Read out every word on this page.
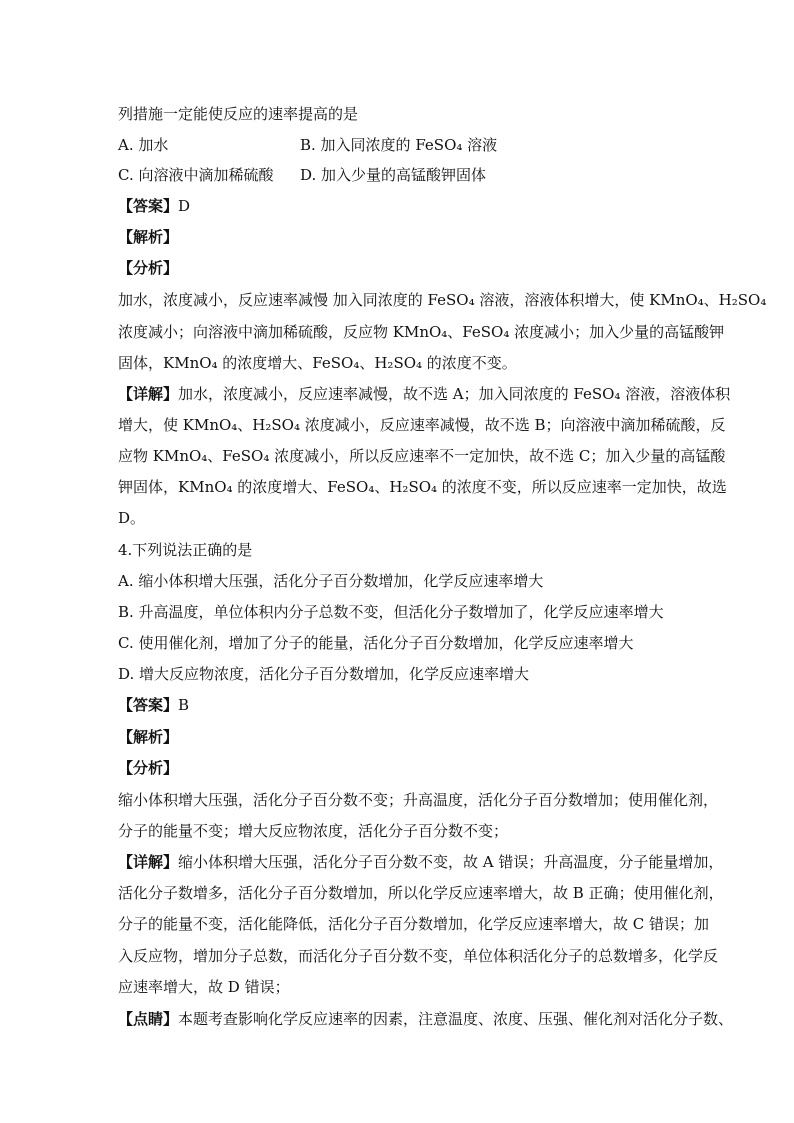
列措施一定能使反应的速率提高的是
A. 加水	B. 加入同浓度的 FeSO₄ 溶液
C. 向溶液中滴加稀硫酸	D. 加入少量的高锰酸钾固体
【答案】D
【解析】
【分析】
加水，浓度减小，反应速率减慢 加入同浓度的 FeSO₄ 溶液，溶液体积增大，使 KMnO₄、H₂SO₄
浓度减小；向溶液中滴加稀硫酸，反应物 KMnO₄、FeSO₄ 浓度减小；加入少量的高锰酸钾
固体，KMnO₄ 的浓度增大、FeSO₄、H₂SO₄ 的浓度不变。
【详解】加水，浓度减小，反应速率减慢，故不选 A；加入同浓度的 FeSO₄ 溶液，溶液体积
增大，使 KMnO₄、H₂SO₄ 浓度减小，反应速率减慢，故不选 B；向溶液中滴加稀硫酸，反
应物 KMnO₄、FeSO₄ 浓度减小，所以反应速率不一定加快，故不选 C；加入少量的高锰酸
钾固体，KMnO₄ 的浓度增大、FeSO₄、H₂SO₄ 的浓度不变，所以反应速率一定加快，故选
D。
4.下列说法正确的是
A. 缩小体积增大压强，活化分子百分数增加，化学反应速率增大
B. 升高温度，单位体积内分子总数不变，但活化分子数增加了，化学反应速率增大
C. 使用催化剂，增加了分子的能量，活化分子百分数增加，化学反应速率增大
D. 增大反应物浓度，活化分子百分数增加，化学反应速率增大
【答案】B
【解析】
【分析】
缩小体积增大压强，活化分子百分数不变；升高温度，活化分子百分数增加；使用催化剂，
分子的能量不变；增大反应物浓度，活化分子百分数不变；
【详解】缩小体积增大压强，活化分子百分数不变，故 A 错误；升高温度，分子能量增加，
活化分子数增多，活化分子百分数增加，所以化学反应速率增大，故 B 正确；使用催化剂，
分子的能量不变，活化能降低，活化分子百分数增加，化学反应速率增大，故 C 错误；加
入反应物，增加分子总数，而活化分子百分数不变，单位体积活化分子的总数增多，化学反
应速率增大，故 D 错误；
【点睛】本题考查影响化学反应速率的因素，注意温度、浓度、压强、催化剂对活化分子数、
